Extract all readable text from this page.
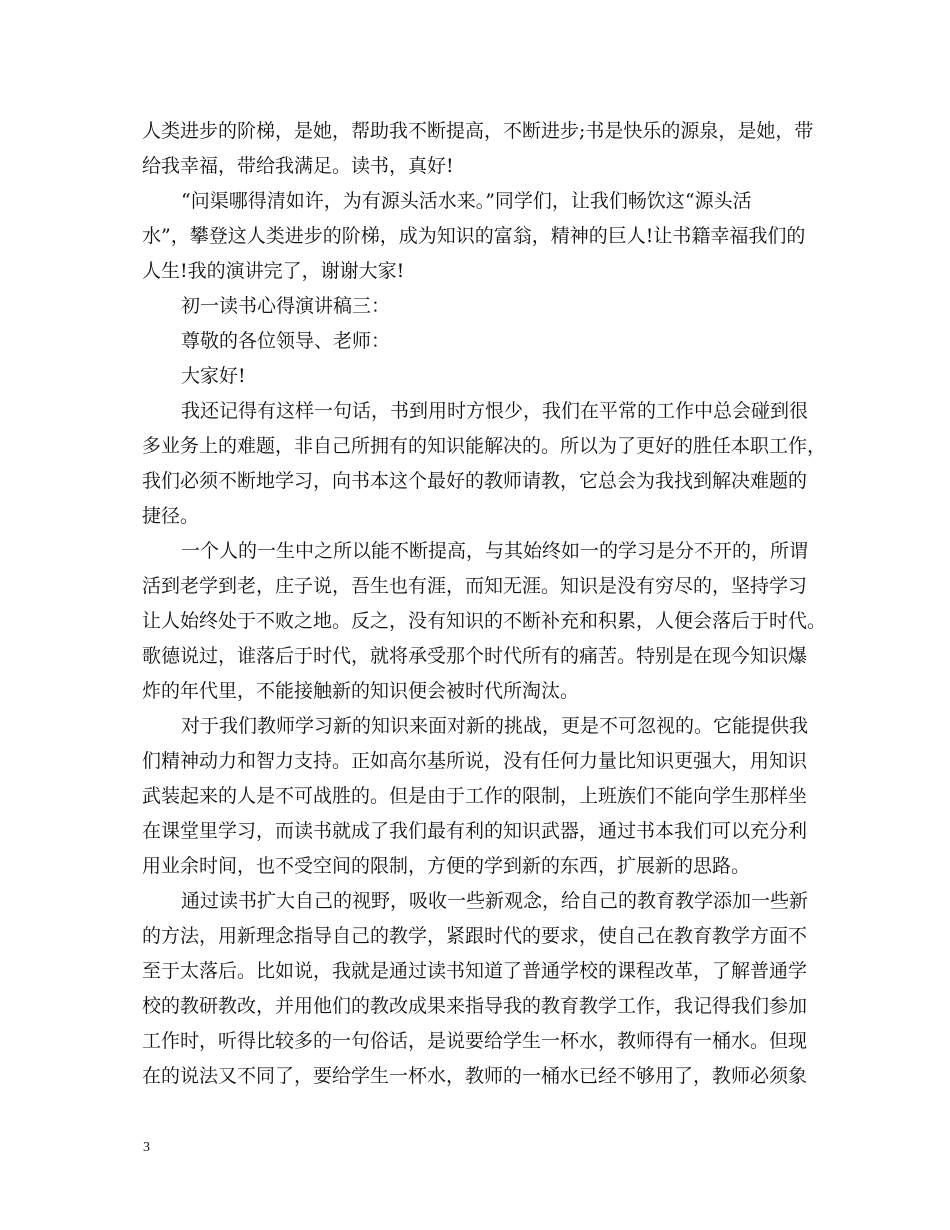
人类进步的阶梯，是她，帮助我不断提高，不断进步;书是快乐的源泉，是她，带
给我幸福，带给我满足。读书，真好!
“问渠哪得清如许，为有源头活水来。”同学们，让我们畅饮这“源头活
水”，攀登这人类进步的阶梯，成为知识的富翁，精神的巨人!让书籍幸福我们的
人生!我的演讲完了，谢谢大家!
初一读书心得演讲稿三：
尊敬的各位领导、老师：
大家好!
我还记得有这样一句话，书到用时方恨少，我们在平常的工作中总会碰到很
多业务上的难题，非自己所拥有的知识能解决的。所以为了更好的胜任本职工作，
我们必须不断地学习，向书本这个最好的教师请教，它总会为我找到解决难题的
捷径。
一个人的一生中之所以能不断提高，与其始终如一的学习是分不开的，所谓
活到老学到老，庄子说，吾生也有涯，而知无涯。知识是没有穷尽的，坚持学习
让人始终处于不败之地。反之，没有知识的不断补充和积累，人便会落后于时代。
歌德说过，谁落后于时代，就将承受那个时代所有的痛苦。特别是在现今知识爆
炸的年代里，不能接触新的知识便会被时代所淘汰。
对于我们教师学习新的知识来面对新的挑战，更是不可忽视的。它能提供我
们精神动力和智力支持。正如高尔基所说，没有任何力量比知识更强大，用知识
武装起来的人是不可战胜的。但是由于工作的限制，上班族们不能向学生那样坐
在课堂里学习，而读书就成了我们最有利的知识武器，通过书本我们可以充分利
用业余时间，也不受空间的限制，方便的学到新的东西，扩展新的思路。
通过读书扩大自己的视野，吸收一些新观念，给自己的教育教学添加一些新
的方法，用新理念指导自己的教学，紧跟时代的要求，使自己在教育教学方面不
至于太落后。比如说，我就是通过读书知道了普通学校的课程改革，了解普通学
校的教研教改，并用他们的教改成果来指导我的教育教学工作，我记得我们参加
工作时，听得比较多的一句俗话，是说要给学生一杯水，教师得有一桶水。但现
在的说法又不同了，要给学生一杯水，教师的一桶水已经不够用了，教师必须象
3
